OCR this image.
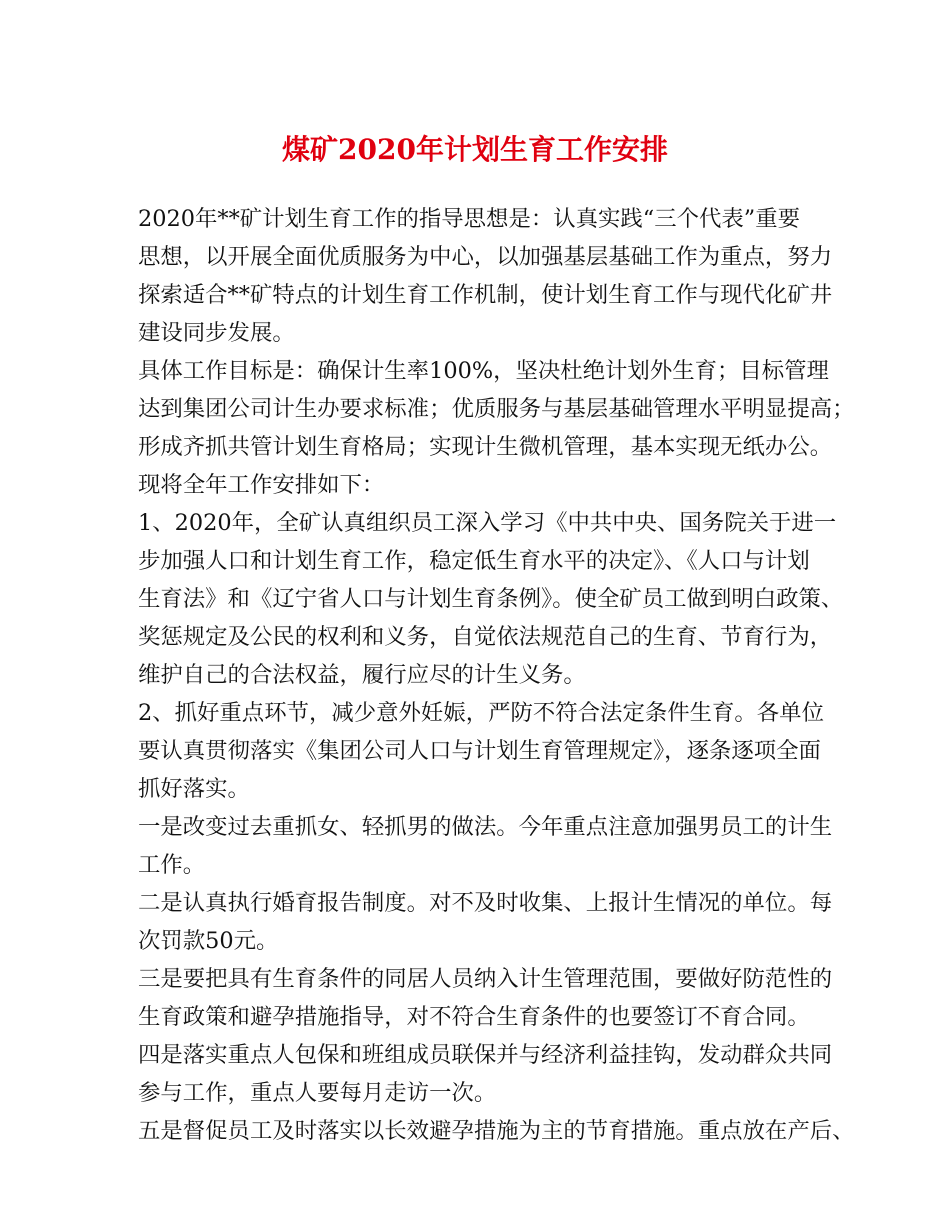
煤矿2020年计划生育工作安排
2020年**矿计划生育工作的指导思想是：认真实践“三个代表”重要
思想，以开展全面优质服务为中心，以加强基层基础工作为重点，努力
探索适合**矿特点的计划生育工作机制，使计划生育工作与现代化矿井
建设同步发展。
具体工作目标是：确保计生率100%，坚决杜绝计划外生育；目标管理
达到集团公司计生办要求标准；优质服务与基层基础管理水平明显提高；
形成齐抓共管计划生育格局；实现计生微机管理，基本实现无纸办公。
现将全年工作安排如下：
1、2020年，全矿认真组织员工深入学习《中共中央、国务院关于进一
步加强人口和计划生育工作，稳定低生育水平的决定》、《人口与计划
生育法》和《辽宁省人口与计划生育条例》。使全矿员工做到明白政策、
奖惩规定及公民的权利和义务，自觉依法规范自己的生育、节育行为，
维护自己的合法权益，履行应尽的计生义务。
2、抓好重点环节，减少意外妊娠，严防不符合法定条件生育。各单位
要认真贯彻落实《集团公司人口与计划生育管理规定》，逐条逐项全面
抓好落实。
一是改变过去重抓女、轻抓男的做法。今年重点注意加强男员工的计生
工作。
二是认真执行婚育报告制度。对不及时收集、上报计生情况的单位。每
次罚款50元。
三是要把具有生育条件的同居人员纳入计生管理范围，要做好防范性的
生育政策和避孕措施指导，对不符合生育条件的也要签订不育合同。
四是落实重点人包保和班组成员联保并与经济利益挂钩，发动群众共同
参与工作，重点人要每月走访一次。
五是督促员工及时落实以长效避孕措施为主的节育措施。重点放在产后、
